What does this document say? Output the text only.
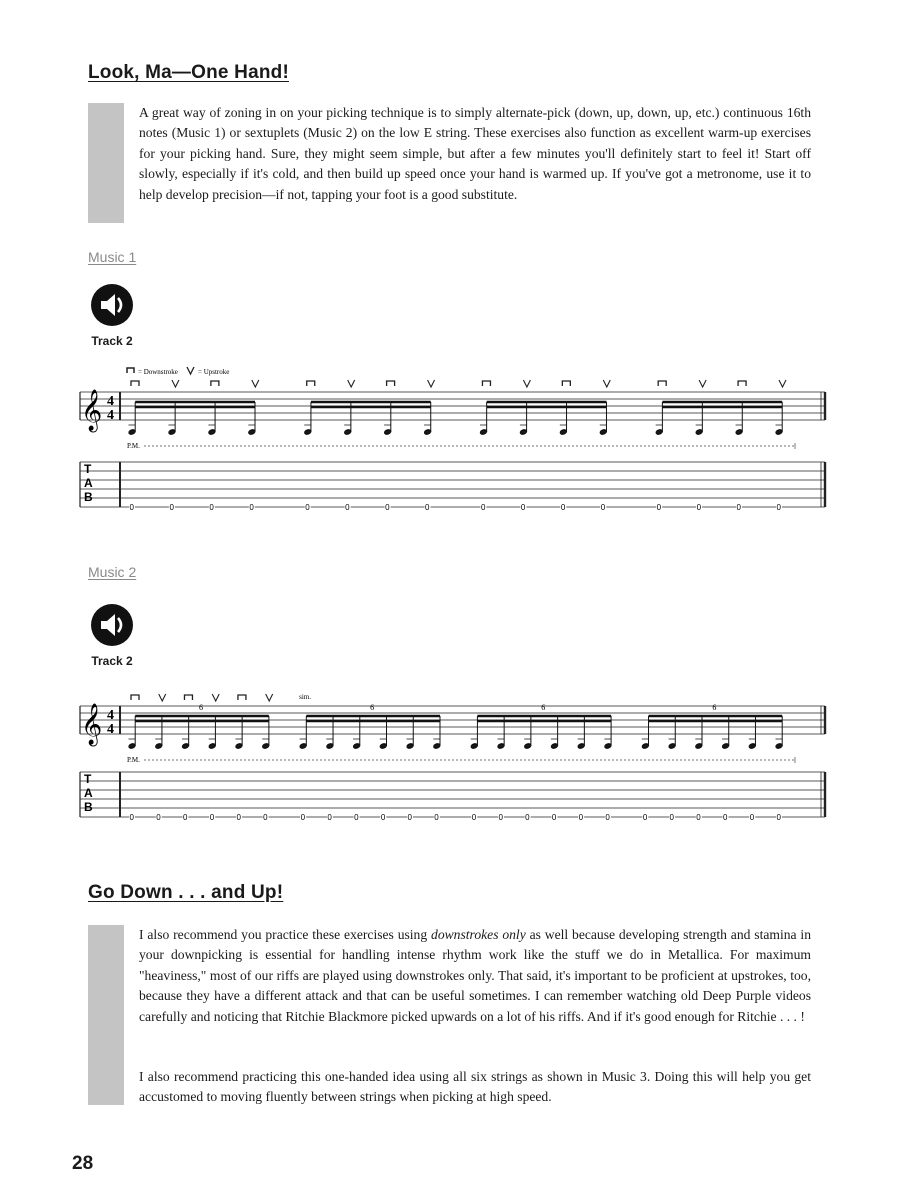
Look, Ma—One Hand!

A great way of zoning in on your picking technique is to simply alternate-pick (down, up, down, up, etc.) continuous 16th notes (Music 1) or sextuplets (Music 2) on the low E string. These exercises also function as excellent warm-up exercises for your picking hand. Sure, they might seem simple, but after a few minutes you'll definitely start to feel it! Start off slowly, especially if it's cold, and then build up speed once your hand is warmed up. If you've got a metronome, use it to help develop precision—if not, tapping your foot is a good substitute.

Music 1
Track 2
= Downstroke	= Upstroke
𝄞 4
4
P.M.
T
A
B
0	0	0	0	0	0	0	0	0	0	0	0	0	0	0	0
Music 2
Track 2
𝄞 4
4
6	6	6	6
sim.
P.M.
T
A
B
0	0	0	0	0	0	0	0	0	0	0	0	0	0	0	0	0	0	0	0	0	0	0	0
Go Down . . . and Up!

I also recommend you practice these exercises using downstrokes only as well because developing strength and stamina in your downpicking is essential for handling intense rhythm work like the stuff we do in Metallica. For maximum "heaviness," most of our riffs are played using downstrokes only. That said, it's important to be proficient at upstrokes, too, because they have a different attack and that can be useful sometimes. I can remember watching old Deep Purple videos carefully and noticing that Ritchie Blackmore picked upwards on a lot of his riffs. And if it's good enough for Ritchie . . . !

I also recommend practicing this one-handed idea using all six strings as shown in Music 3. Doing this will help you get accustomed to moving fluently between strings when picking at high speed.

28
